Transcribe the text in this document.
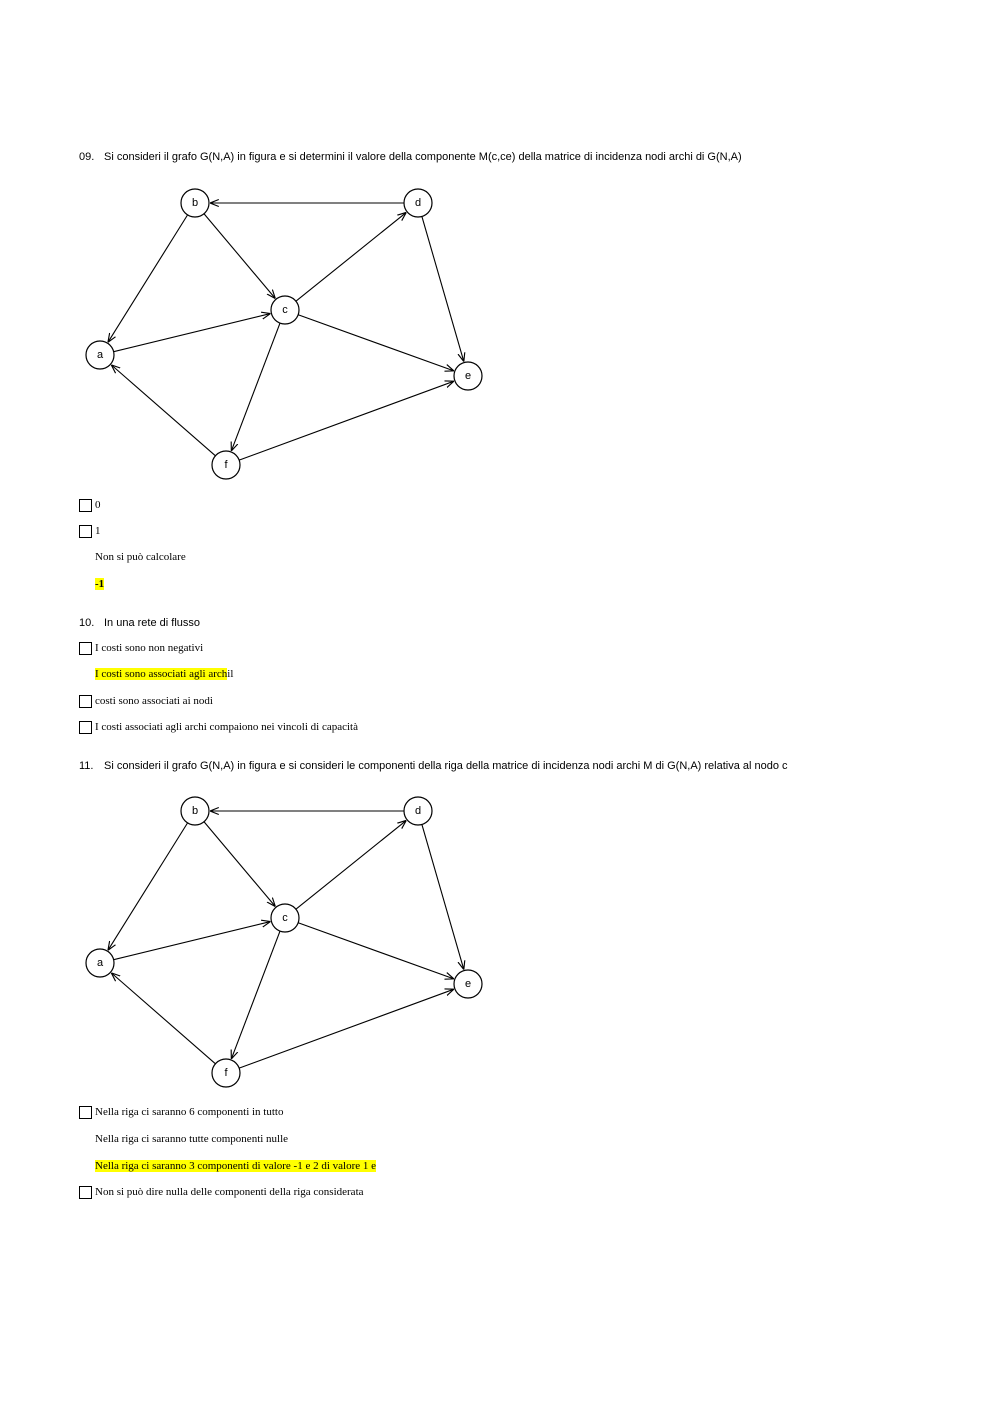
09. Si consideri il grafo G(N,A) in figura e si determini il valore della componente M(c,ce) della matrice di incidenza nodi archi di G(N,A)
a
b
c
d
e
f
0
1
Non si può calcolare
-1
10. In una rete di flusso
I costi sono non negativi
I costi sono associati agli arch il
costi sono associati ai nodi
I costi associati agli archi compaiono nei vincoli di capacità
11. Si consideri il grafo G(N,A) in figura e si consideri le componenti della riga della matrice di incidenza nodi archi M di G(N,A) relativa al nodo c
a
b
c
d
e
f
Nella riga ci saranno 6 componenti in tutto
Nella riga ci saranno tutte componenti nulle
Nella riga ci saranno 3 componenti di valore -1 e 2 di valore 1 e
Non si può dire nulla delle componenti della riga considerata
